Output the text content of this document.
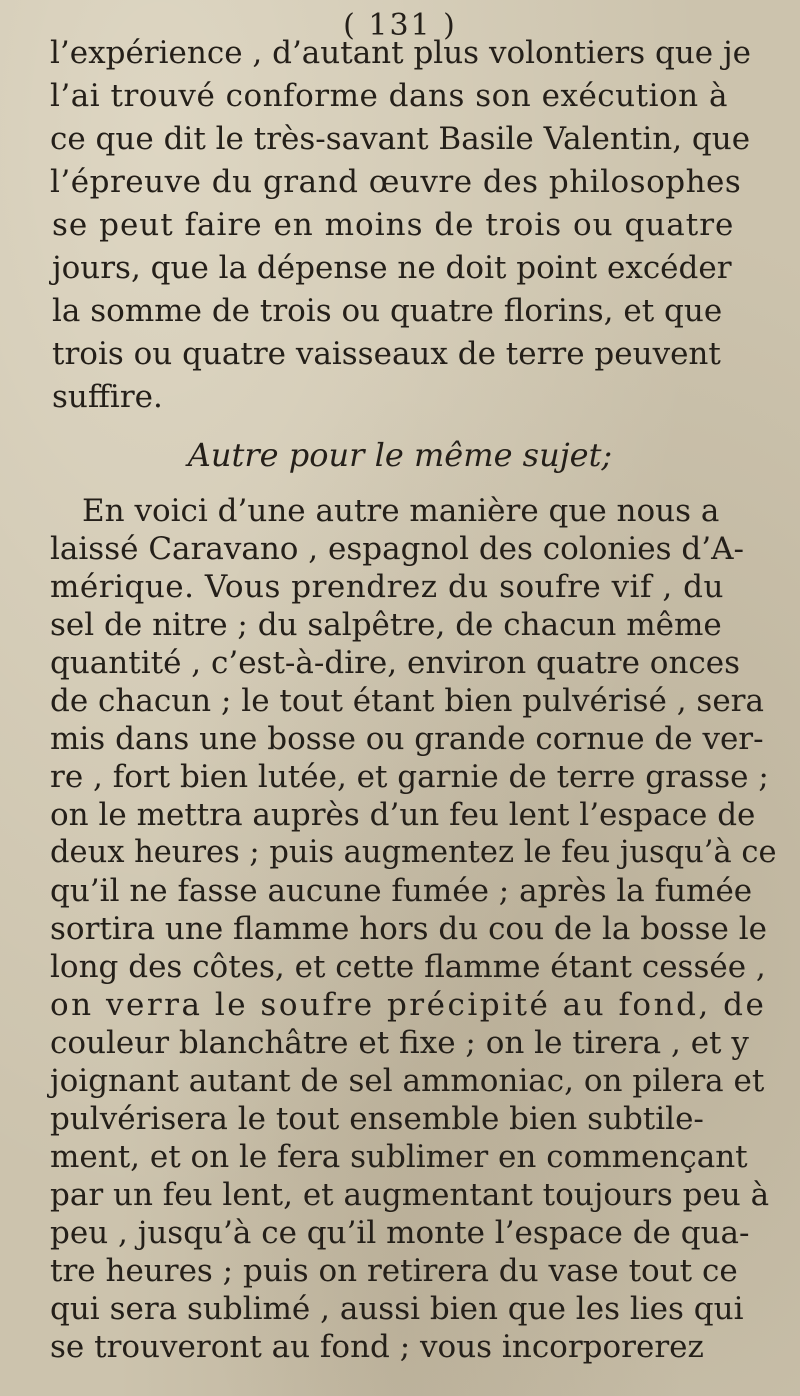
( 131 )
l’expérience , d’autant plus volontiers que je
l’ai trouvé conforme dans son exécution à
ce que dit le très-savant Basile Valentin, que
l’épreuve du grand œuvre des philosophes
se peut faire en moins de trois ou quatre
jours, que la dépense ne doit point excéder
la somme de trois ou quatre florins, et que
trois ou quatre vaisseaux de terre peuvent
suffire.
Autre pour le même sujet;
En voici d’une autre manière que nous a
laissé Caravano , espagnol des colonies d’A-
mérique. Vous prendrez du soufre vif , du
sel de nitre ; du salpêtre, de chacun même
quantité , c’est-à-dire, environ quatre onces
de chacun ; le tout étant bien pulvérisé , sera
mis dans une bosse ou grande cornue de ver-
re , fort bien lutée, et garnie de terre grasse ;
on le mettra auprès d’un feu lent l’espace de
deux heures ; puis augmentez le feu jusqu’à ce
qu’il ne fasse aucune fumée ; après la fumée
sortira une flamme hors du cou de la bosse le
long des côtes, et cette flamme étant cessée ,
on verra le soufre précipité au fond, de
couleur blanchâtre et fixe ; on le tirera , et y
joignant autant de sel ammoniac, on pilera et
pulvérisera le tout ensemble bien subtile-
ment, et on le fera sublimer en commençant
par un feu lent, et augmentant toujours peu à
peu , jusqu’à ce qu’il monte l’espace de qua-
tre heures ; puis on retirera du vase tout ce
qui sera sublimé , aussi bien que les lies qui
se trouveront au fond ; vous incorporerez
